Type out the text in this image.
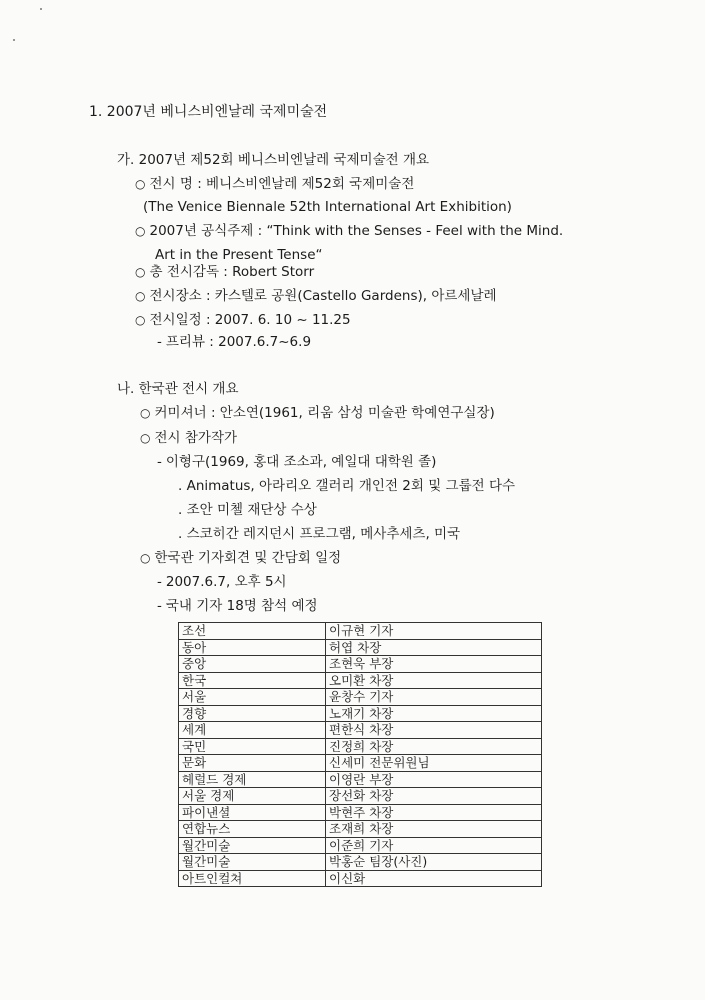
1. 2007년 베니스비엔날레 국제미술전
가. 2007년 제52회 베니스비엔날레 국제미술전 개요
○ 전시 명 : 베니스비엔날레 제52회 국제미술전
(The Venice Biennale 52th International Art Exhibition)
○ 2007년 공식주제 : “Think with the Senses - Feel with the Mind.
Art in the Present Tense“
○ 총 전시감독 : Robert Storr
○ 전시장소 : 카스텔로 공원(Castello Gardens), 아르세날레
○ 전시일정 : 2007. 6. 10 ~ 11.25
- 프리뷰 : 2007.6.7~6.9
나. 한국관 전시 개요
○ 커미셔너 : 안소연(1961, 리움 삼성 미술관 학예연구실장)
○ 전시 참가작가
- 이형구(1969, 홍대 조소과, 예일대 대학원 졸)
. Animatus, 아라리오 갤러리 개인전 2회 및 그룹전 다수
. 조안 미첼 재단상 수상
. 스코히간 레지던시 프로그램, 메사추세츠, 미국
○ 한국관 기자회견 및 간담회 일정
- 2007.6.7, 오후 5시
- 국내 기자 18명 참석 예정
조선	이규현 기자
동아	허엽 차장
중앙	조현욱 부장
한국	오미환 차장
서울	윤창수 기자
경향	노재기 차장
세계	편한식 차장
국민	진정희 차장
문화	신세미 전문위원님
헤럴드 경제	이영란 부장
서울 경제	장선화 차장
파이낸셜	박현주 차장
연합뉴스	조재희 차장
월간미술	이준희 기자
월간미술	박홍순 팀장(사진)
아트인컬쳐	이신화
